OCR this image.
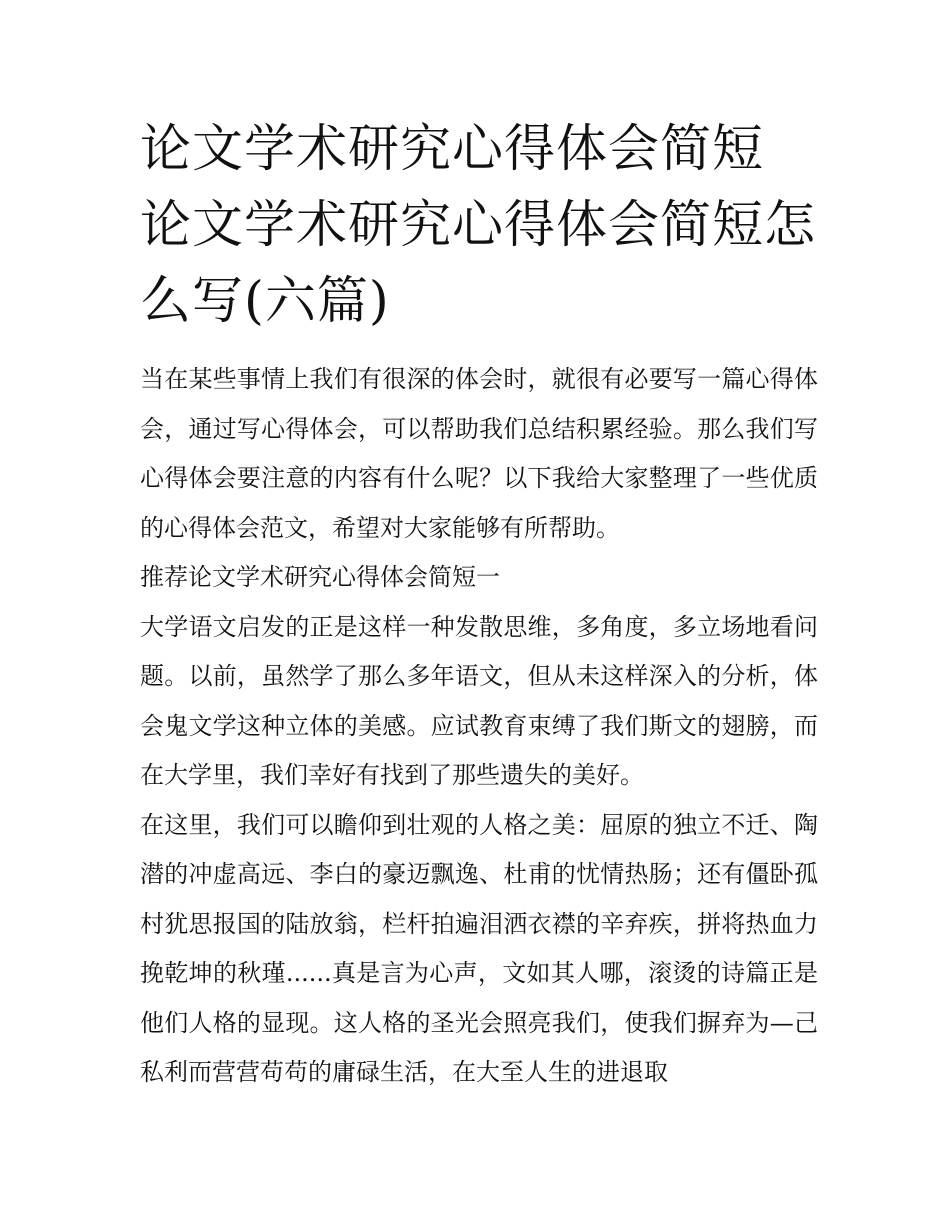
论文学术研究心得体会简短 论文学术研究心得体会简短怎么写(六篇)

当在某些事情上我们有很深的体会时，就很有必要写一篇心得体会，通过写心得体会，可以帮助我们总结积累经验。那么我们写心得体会要注意的内容有什么呢？以下我给大家整理了一些优质的心得体会范文，希望对大家能够有所帮助。

推荐论文学术研究心得体会简短一

大学语文启发的正是这样一种发散思维，多角度，多立场地看问题。以前，虽然学了那么多年语文，但从未这样深入的分析，体会鬼文学这种立体的美感。应试教育束缚了我们斯文的翅膀，而在大学里，我们幸好有找到了那些遗失的美好。

在这里，我们可以瞻仰到壮观的人格之美：屈原的独立不迁、陶潜的冲虚高远、李白的豪迈飘逸、杜甫的忧情热肠；还有僵卧孤村犹思报国的陆放翁，栏杆拍遍泪洒衣襟的辛弃疾，拼将热血力挽乾坤的秋瑾......真是言为心声，文如其人哪，滚烫的诗篇正是他们人格的显现。这人格的圣光会照亮我们，使我们摒弃为—己私利而营营苟苟的庸碌生活，在大至人生的进退取
